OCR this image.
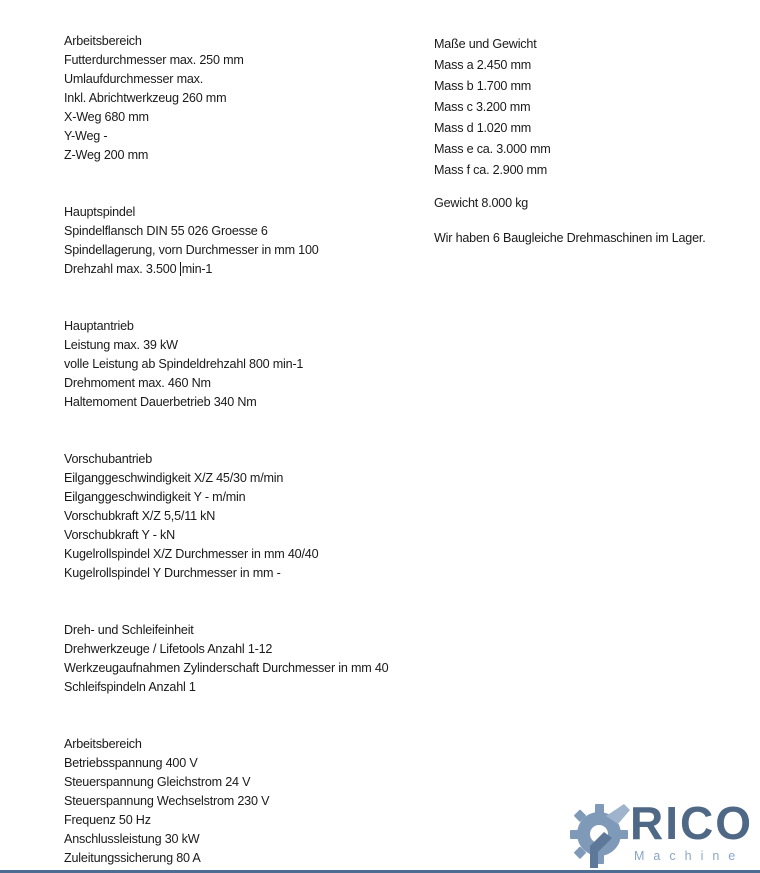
Arbeitsbereich
Futterdurchmesser max. 250 mm
Umlaufdurchmesser max.
Inkl. Abrichtwerkzeug 260 mm
X-Weg 680 mm
Y-Weg -
Z-Weg 200 mm
Hauptspindel
Spindelflansch DIN 55 026 Groesse 6
Spindellagerung, vorn Durchmesser in mm 100
Drehzahl max. 3.500 min-1
Hauptantrieb
Leistung max. 39 kW
volle Leistung ab Spindeldrehzahl 800 min-1
Drehmoment max. 460 Nm
Haltemoment Dauerbetrieb 340 Nm
Vorschubantrieb
Eilganggeschwindigkeit X/Z 45/30 m/min
Eilganggeschwindigkeit Y - m/min
Vorschubkraft X/Z 5,5/11 kN
Vorschubkraft Y - kN
Kugelrollspindel X/Z Durchmesser in mm 40/40
Kugelrollspindel Y Durchmesser in mm -
Dreh- und Schleifeinheit
Drehwerkzeuge / Lifetools Anzahl 1-12
Werkzeugaufnahmen Zylinderschaft Durchmesser in mm 40
Schleifspindeln Anzahl 1
Arbeitsbereich
Betriebsspannung 400 V
Steuerspannung Gleichstrom 24 V
Steuerspannung Wechselstrom 230 V
Frequenz 50 Hz
Anschlussleistung 30 kW
Zuleitungssicherung 80 A
Maße und Gewicht
Mass a 2.450 mm
Mass b 1.700 mm
Mass c 3.200 mm
Mass d 1.020 mm
Mass e ca. 3.000 mm
Mass f ca. 2.900 mm
Gewicht 8.000 kg
Wir haben 6 Baugleiche Drehmaschinen im Lager.
RICO
Machine
